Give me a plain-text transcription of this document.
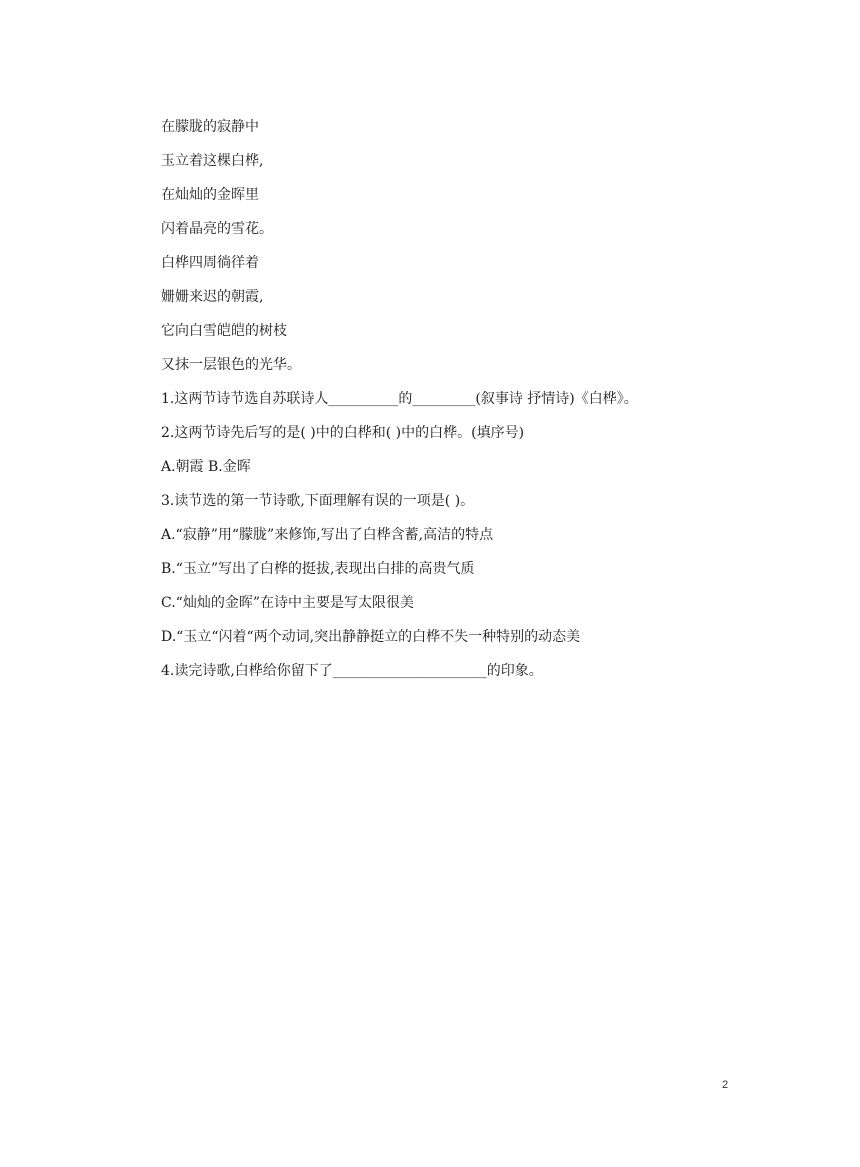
在朦胧的寂静中
玉立着这棵白桦,
在灿灿的金晖里
闪着晶亮的雪花。
白桦四周徜徉着
姗姗来迟的朝霞,
它向白雪皑皑的树枝
又抹一层银色的光华。
1.这两节诗节选自苏联诗人__________的_________(叙事诗 抒情诗)《白桦》。
2.这两节诗先后写的是( )中的白桦和( )中的白桦。(填序号)
A.朝霞 B.金晖
3.读节选的第一节诗歌,下面理解有误的一项是( )。
A.“寂静”用“朦胧”来修饰,写出了白桦含蓄,高洁的特点
B.“玉立”写出了白桦的挺拔,表现出白排的高贵气质
C.“灿灿的金晖”在诗中主要是写太限很美
D.“玉立“闪着“两个动词,突出静静挺立的白桦不失一种特别的动态美
4.读完诗歌,白桦给你留下了______________________的印象。
2
